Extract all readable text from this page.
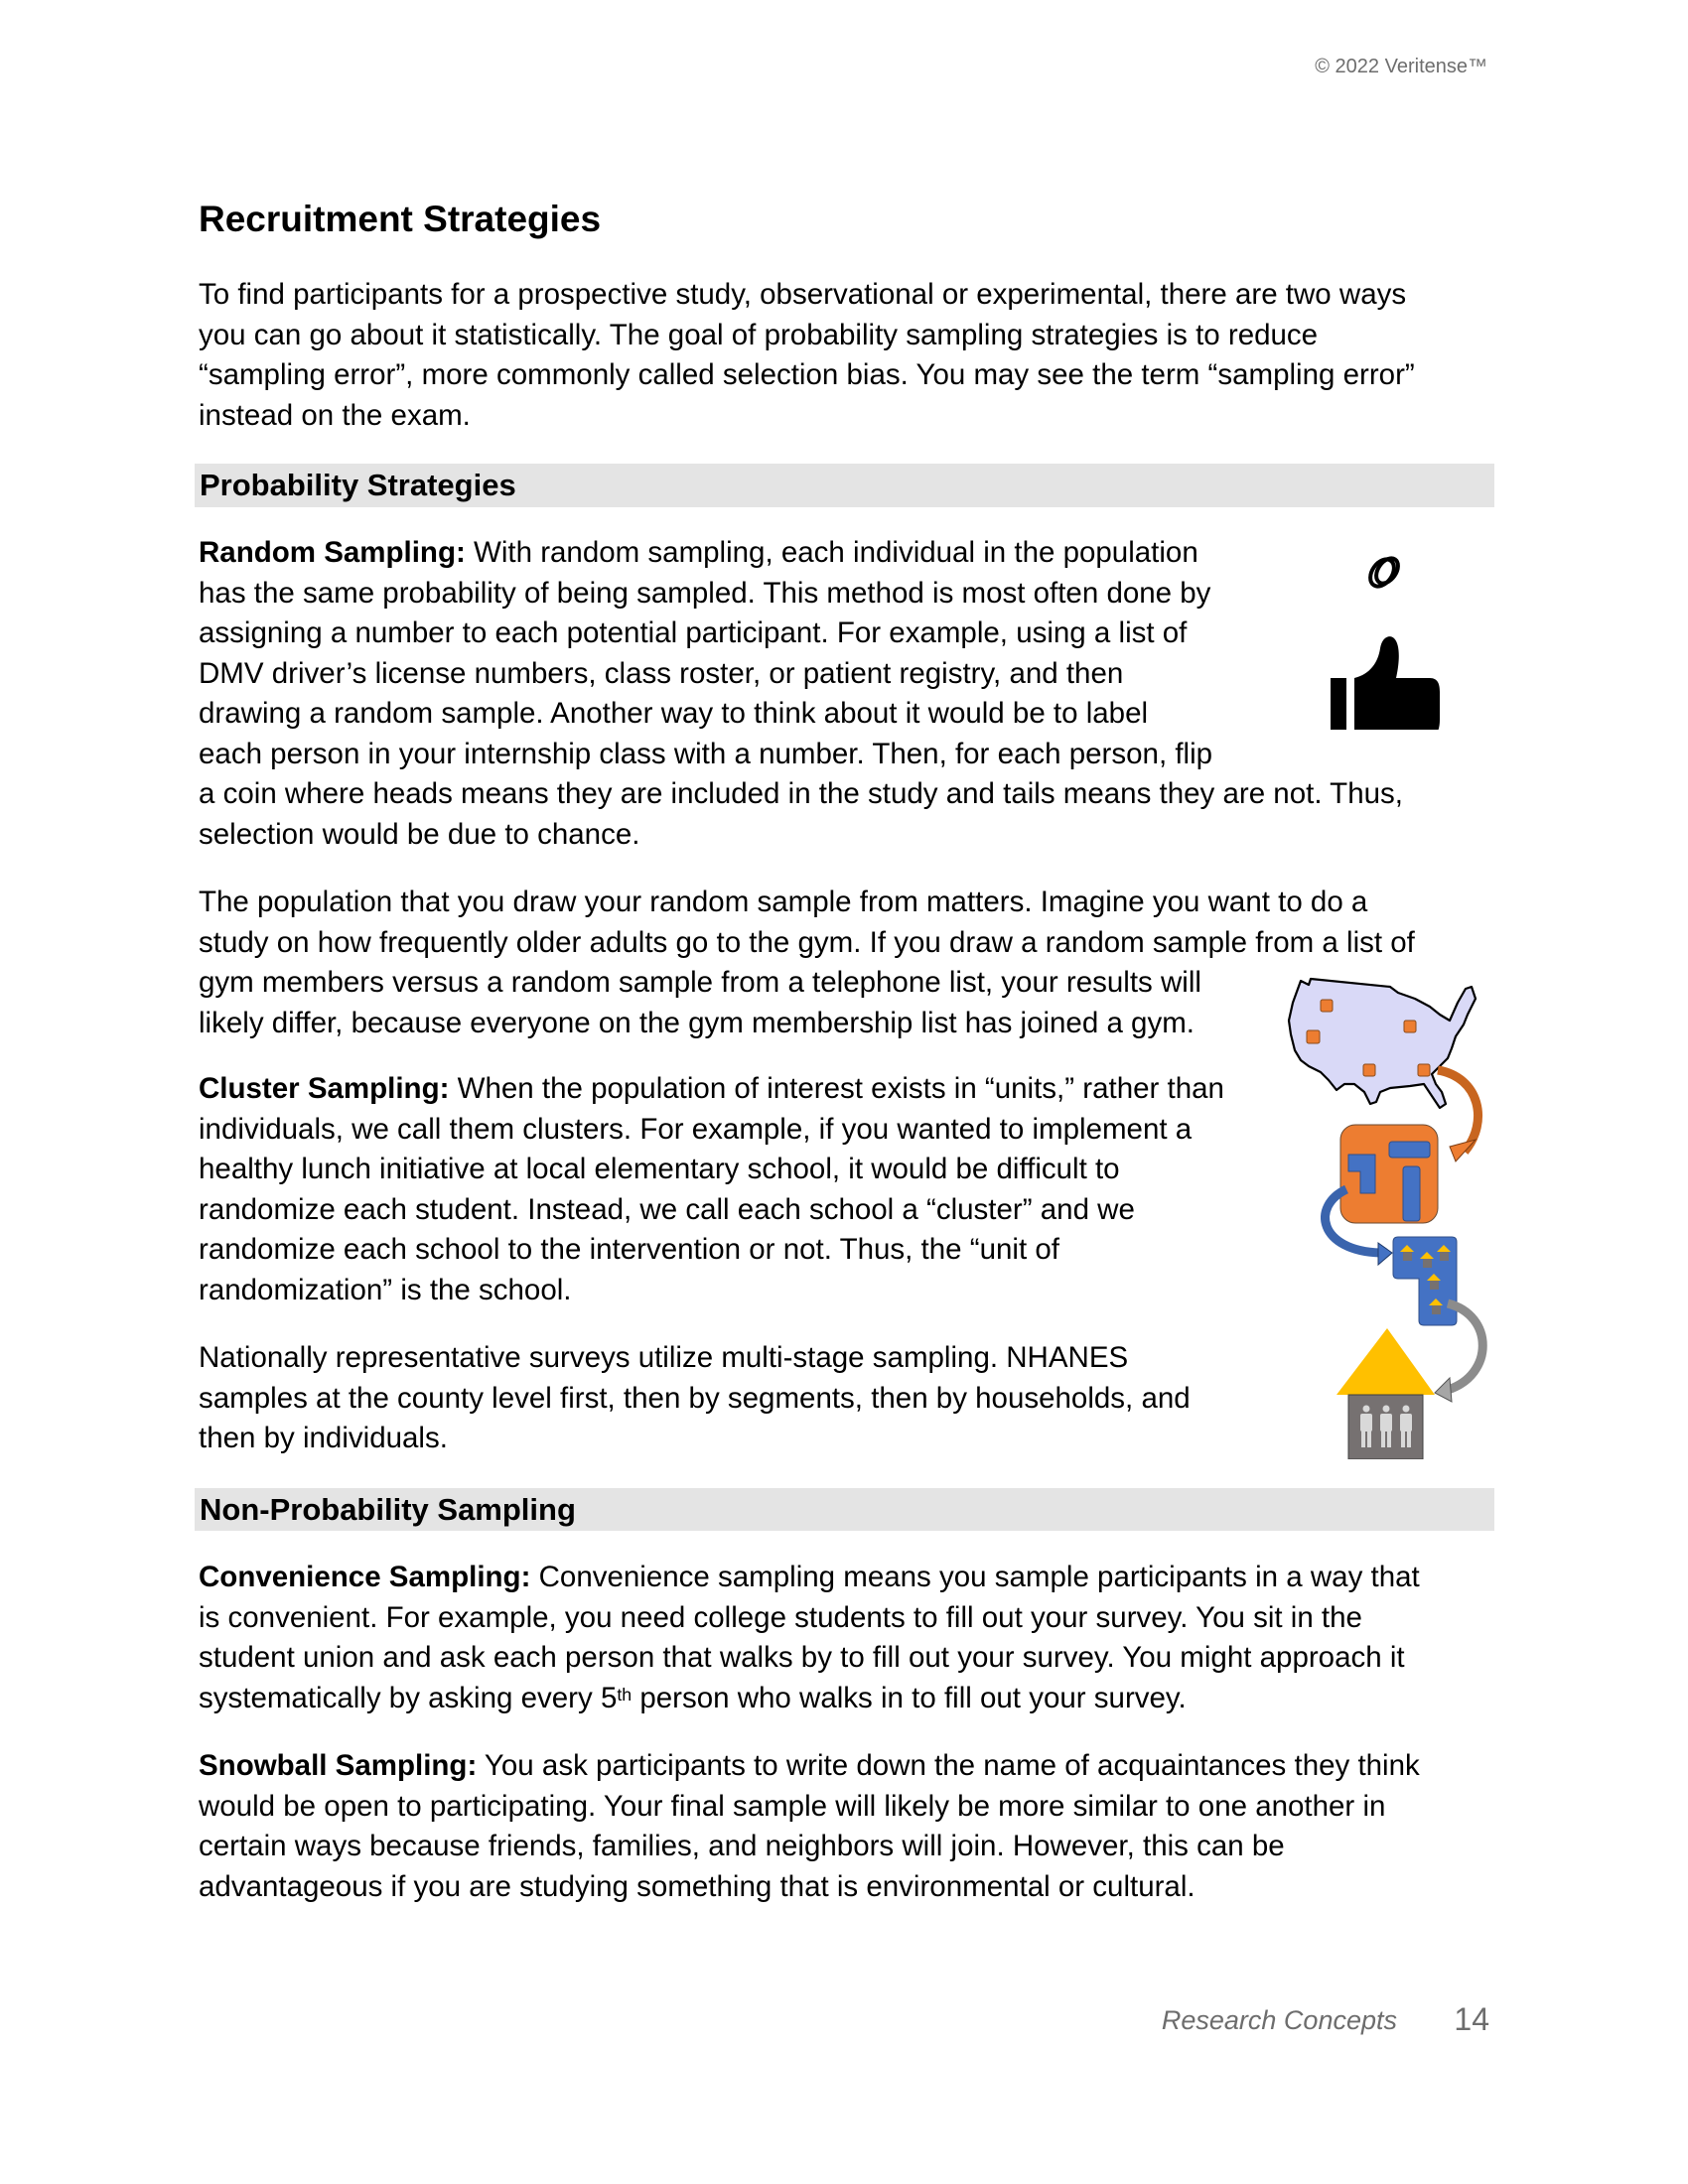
© 2022 Veritense™
Recruitment Strategies

To find participants for a prospective study, observational or experimental, there are two ways
you can go about it statistically. The goal of probability sampling strategies is to reduce
“sampling error”, more commonly called selection bias. You may see the term “sampling error”
instead on the exam.

Probability Strategies

Random Sampling: With random sampling, each individual in the population
has the same probability of being sampled. This method is most often done by
assigning a number to each potential participant. For example, using a list of
DMV driver’s license numbers, class roster, or patient registry, and then
drawing a random sample. Another way to think about it would be to label
each person in your internship class with a number. Then, for each person, flip
a coin where heads means they are included in the study and tails means they are not. Thus,
selection would be due to chance.

The population that you draw your random sample from matters. Imagine you want to do a
study on how frequently older adults go to the gym. If you draw a random sample from a list of
gym members versus a random sample from a telephone list, your results will
likely differ, because everyone on the gym membership list has joined a gym.

Cluster Sampling: When the population of interest exists in “units,” rather than
individuals, we call them clusters. For example, if you wanted to implement a
healthy lunch initiative at local elementary school, it would be difficult to
randomize each student. Instead, we call each school a “cluster” and we
randomize each school to the intervention or not. Thus, the “unit of
randomization” is the school.

Nationally representative surveys utilize multi-stage sampling. NHANES
samples at the county level first, then by segments, then by households, and
then by individuals.

Non-Probability Sampling

Convenience Sampling: Convenience sampling means you sample participants in a way that
is convenient. For example, you need college students to fill out your survey. You sit in the
student union and ask each person that walks by to fill out your survey. You might approach it
systematically by asking every 5th person who walks in to fill out your survey.

Snowball Sampling: You ask participants to write down the name of acquaintances they think
would be open to participating. Your final sample will likely be more similar to one another in
certain ways because friends, families, and neighbors will join. However, this can be
advantageous if you are studying something that is environmental or cultural.

Research Concepts 14
